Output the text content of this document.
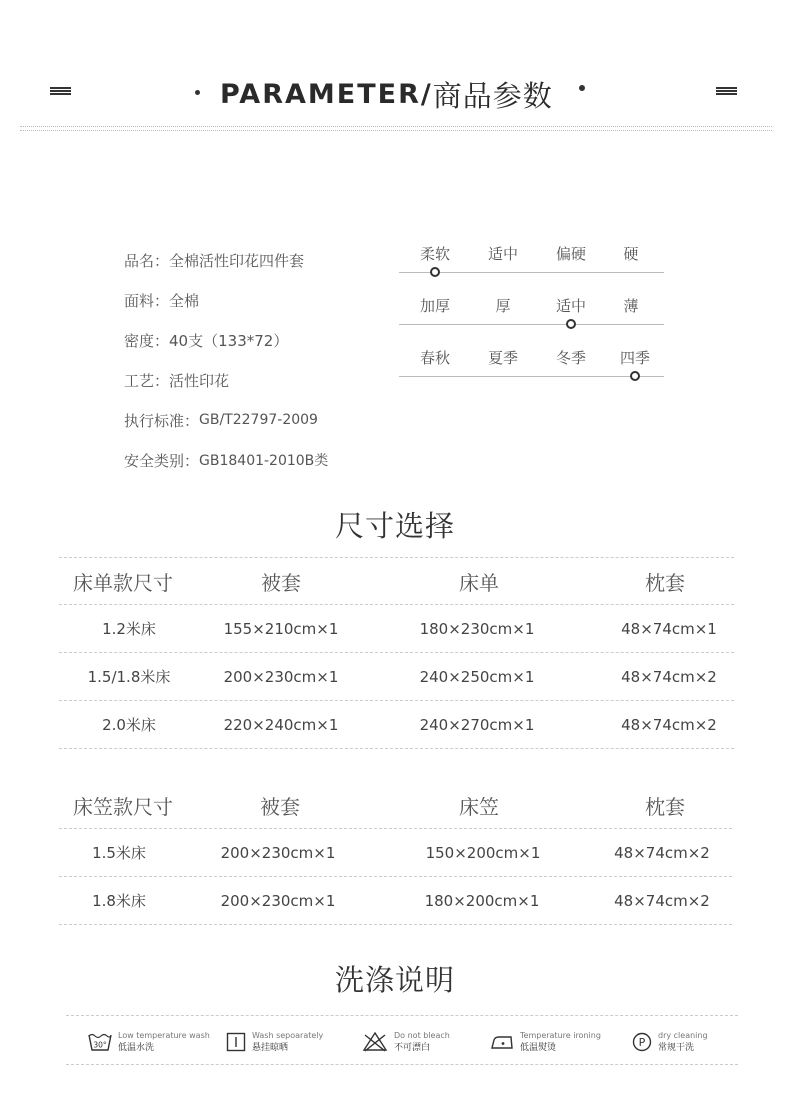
PARAMETER/ 商品参数
品名： 全棉活性印花四件套
面料： 全棉
密度： 40支（133*72）
工艺： 活性印花
执行标准： GB/T22797-2009
安全类别： GB18401-2010B类
柔软	适中	偏硬	硬
加厚	厚	适中	薄
春秋	夏季	冬季	四季
尺寸选择
床单款尺寸	被套	床单	枕套
1.2米床	155×210cm×1	180×230cm×1	48×74cm×1
1.5/1.8米床	200×230cm×1	240×250cm×1	48×74cm×2
2.0米床	220×240cm×1	240×270cm×1	48×74cm×2
床笠款尺寸	被套	床笠	枕套
1.5米床	200×230cm×1	150×200cm×1	48×74cm×2
1.8米床	200×230cm×1	180×200cm×1	48×74cm×2
洗涤说明
30°
Low temperature wash
低温水洗
Wash sepoarately
悬挂晾晒
Do not bleach
不可漂白
Temperature ironing
低温熨烫	P
dry cleaning
常规干洗
